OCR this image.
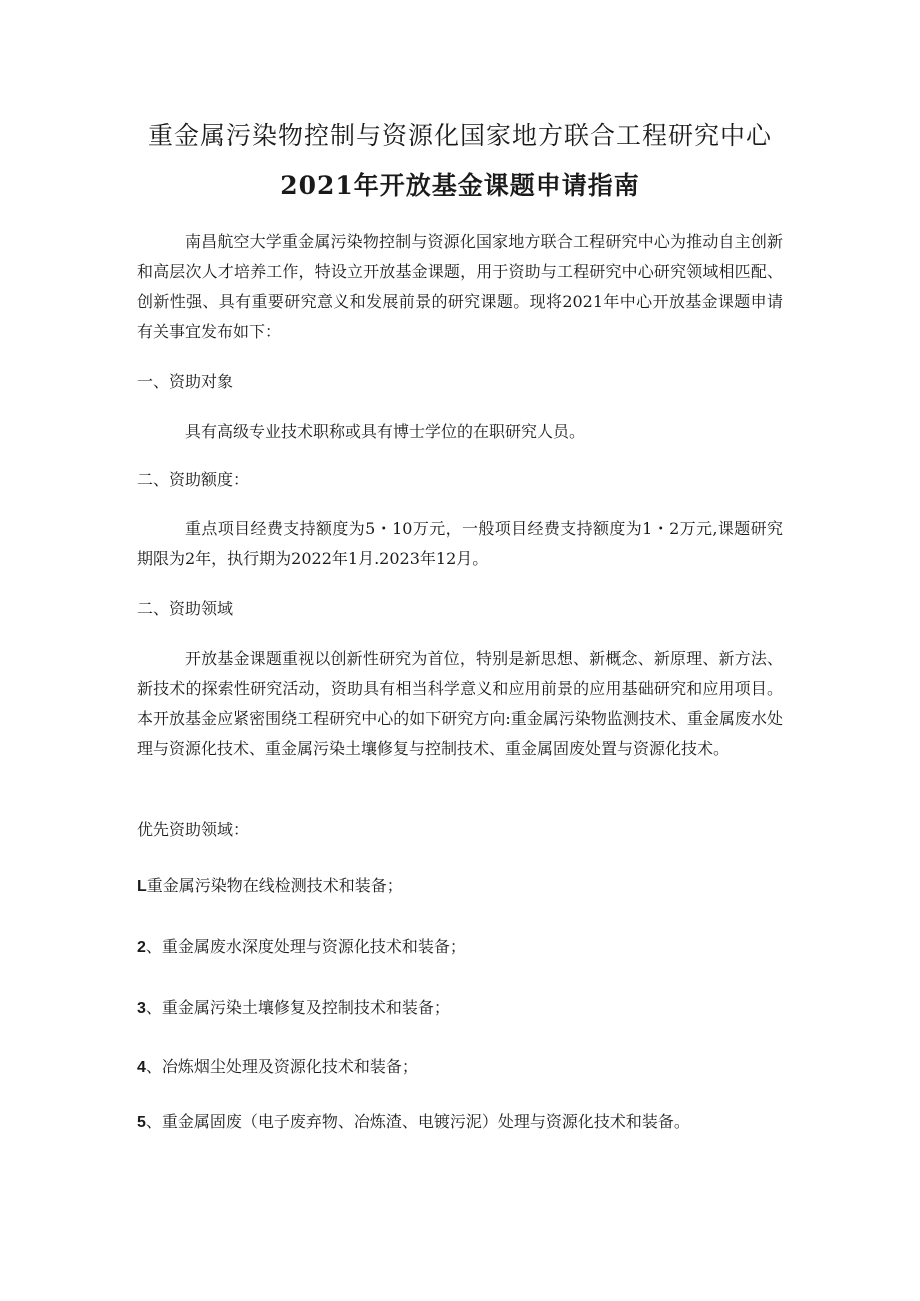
重金属污染物控制与资源化国家地方联合工程研究中心
2021年开放基金课题申请指南

南昌航空大学重金属污染物控制与资源化国家地方联合工程研究中心为推动自主创新和高层次人才培养工作，特设立开放基金课题，用于资助与工程研究中心研究领域相匹配、创新性强、具有重要研究意义和发展前景的研究课题。现将2021年中心开放基金课题申请有关事宜发布如下：

一、资助对象

具有高级专业技术职称或具有博士学位的在职研究人员。

二、资助额度：

重点项目经费支持额度为5・10万元，一般项目经费支持额度为1・2万元,课题研究期限为2年，执行期为2022年1月.2023年12月。

二、资助领域

开放基金课题重视以创新性研究为首位，特别是新思想、新概念、新原理、新方法、新技术的探索性研究活动，资助具有相当科学意义和应用前景的应用基础研究和应用项目。本开放基金应紧密围绕工程研究中心的如下研究方向:重金属污染物监测技术、重金属废水处理与资源化技术、重金属污染土壤修复与控制技术、重金属固废处置与资源化技术。

优先资助领域：

L重金属污染物在线检测技术和装备；

2、重金属废水深度处理与资源化技术和装备；

3、重金属污染土壤修复及控制技术和装备；

4、冶炼烟尘处理及资源化技术和装备；

5、重金属固废（电子废弃物、冶炼渣、电镀污泥）处理与资源化技术和装备。
